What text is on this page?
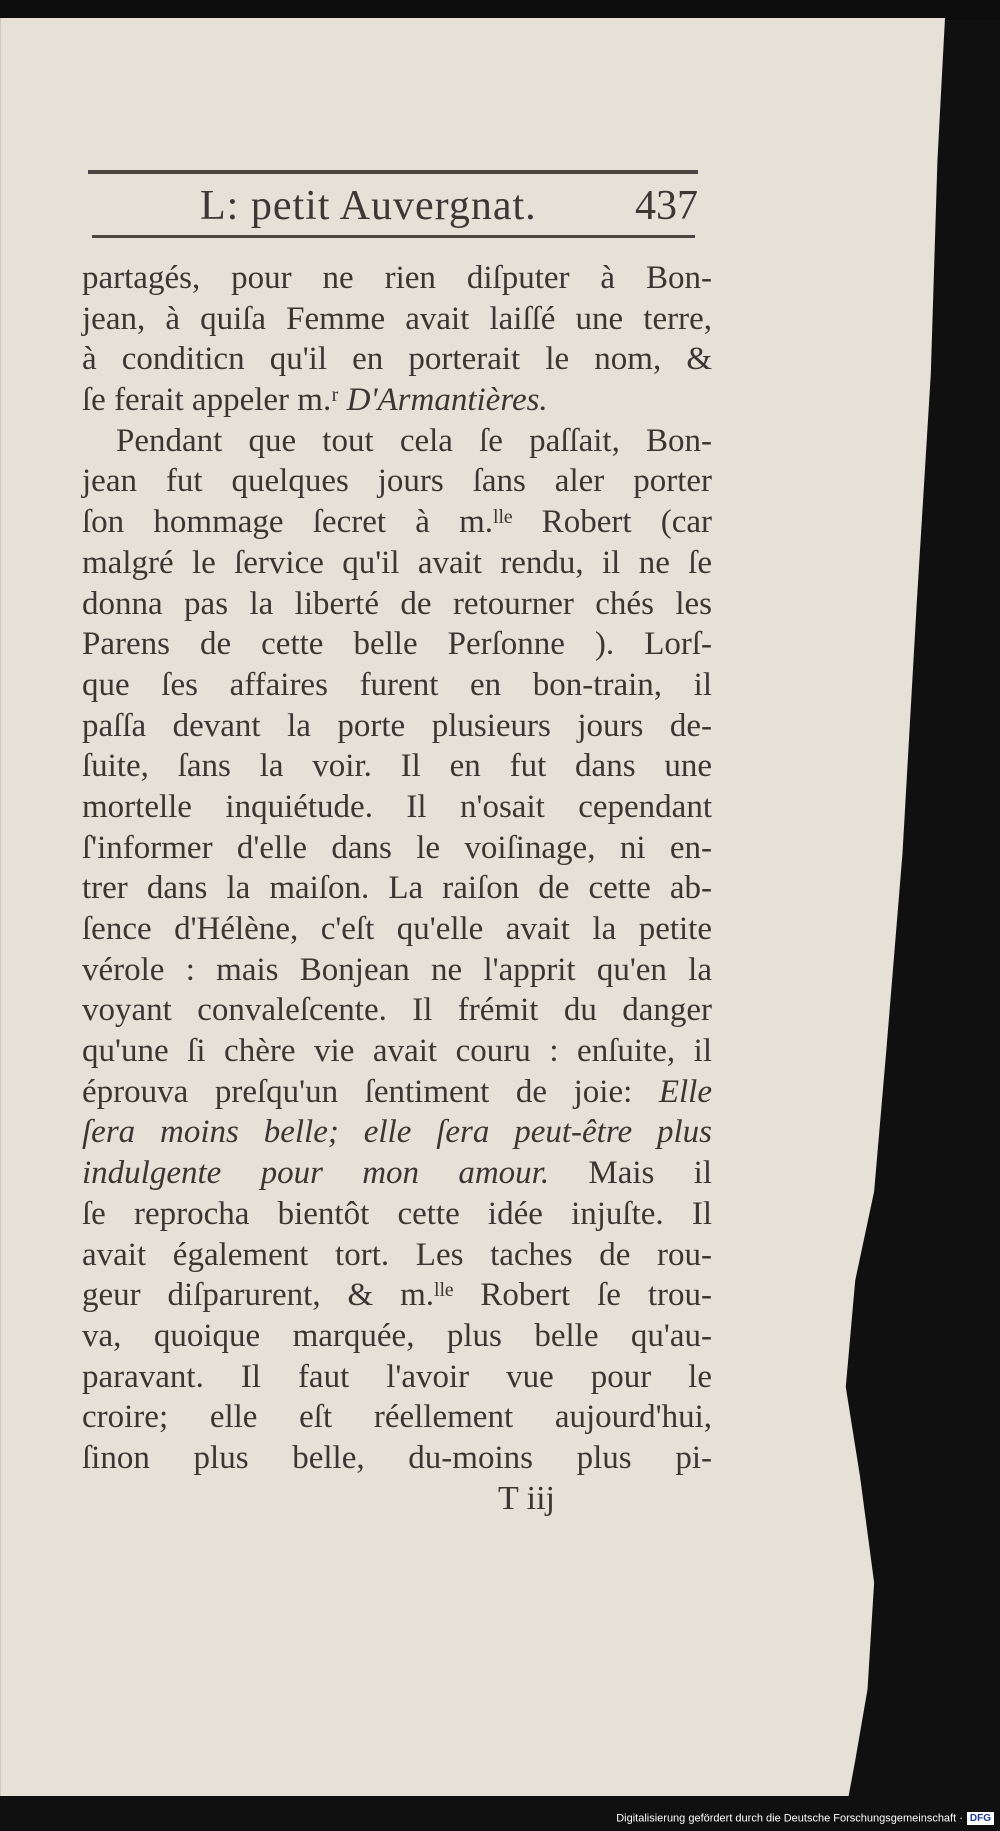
L: petit Auvergnat. 437
partagés, pour ne rien diſputer à Bon-
jean, à quiſa Femme avait laiſſé une terre,
à conditicn qu'il en porterait le nom, &
ſe ferait appeler m.ʳ D'Armantières.
Pendant que tout cela ſe paſſait, Bon-
jean fut quelques jours ſans aler porter
ſon hommage ſecret à m.ˡˡᵉ Robert (car
malgré le ſervice qu'il avait rendu, il ne ſe
donna pas la liberté de retourner chés les
Parens de cette belle Perſonne ). Lorſ-
que ſes affaires furent en bon-train, il
paſſa devant la porte plusieurs jours de-
ſuite, ſans la voir. Il en fut dans une
mortelle inquiétude. Il n'osait cependant
ſ'informer d'elle dans le voiſinage, ni en-
trer dans la maiſon. La raiſon de cette ab-
ſence d'Hélène, c'eſt qu'elle avait la petite
vérole : mais Bonjean ne l'apprit qu'en la
voyant convaleſcente. Il frémit du danger
qu'une ſi chère vie avait couru : enſuite, il
éprouva preſqu'un ſentiment de joie: Elle
ſera moins belle; elle ſera peut-être plus
indulgente pour mon amour. Mais il
ſe reprocha bientôt cette idée injuſte. Il
avait également tort. Les taches de rou-
geur diſparurent, & m.ˡˡᵉ Robert ſe trou-
va, quoique marquée, plus belle qu'au-
paravant. Il faut l'avoir vue pour le
croire; elle eſt réellement aujourd'hui,
ſinon plus belle, du-moins plus pi-
T iij
Digitalisierung gefördert durch die Deutsche Forschungsgemeinschaft · DFG
